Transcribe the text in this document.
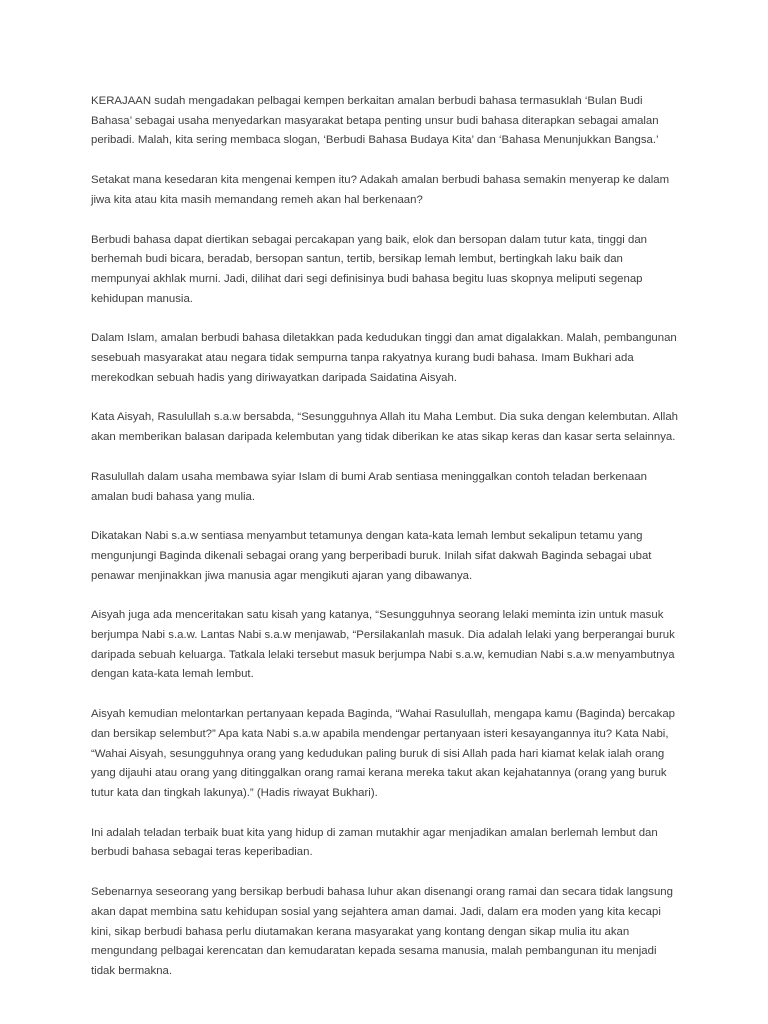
KERAJAAN sudah mengadakan pelbagai kempen berkaitan amalan berbudi bahasa termasuklah ‘Bulan Budi Bahasa’ sebagai usaha menyedarkan masyarakat betapa penting unsur budi bahasa diterapkan sebagai amalan peribadi. Malah, kita sering membaca slogan, ‘Berbudi Bahasa Budaya Kita’ dan ‘Bahasa Menunjukkan Bangsa.’

Setakat mana kesedaran kita mengenai kempen itu? Adakah amalan berbudi bahasa semakin menyerap ke dalam jiwa kita atau kita masih memandang remeh akan hal berkenaan?

Berbudi bahasa dapat diertikan sebagai percakapan yang baik, elok dan bersopan dalam tutur kata, tinggi dan berhemah budi bicara, beradab, bersopan santun, tertib, bersikap lemah lembut, bertingkah laku baik dan mempunyai akhlak murni. Jadi, dilihat dari segi definisinya budi bahasa begitu luas skopnya meliputi segenap kehidupan manusia.

Dalam Islam, amalan berbudi bahasa diletakkan pada kedudukan tinggi dan amat digalakkan. Malah, pembangunan sesebuah masyarakat atau negara tidak sempurna tanpa rakyatnya kurang budi bahasa. Imam Bukhari ada merekodkan sebuah hadis yang diriwayatkan daripada Saidatina Aisyah.

Kata Aisyah, Rasulullah s.a.w bersabda, “Sesungguhnya Allah itu Maha Lembut. Dia suka dengan kelembutan. Allah akan memberikan balasan daripada kelembutan yang tidak diberikan ke atas sikap keras dan kasar serta selainnya.

Rasulullah dalam usaha membawa syiar Islam di bumi Arab sentiasa meninggalkan contoh teladan berkenaan amalan budi bahasa yang mulia.

Dikatakan Nabi s.a.w sentiasa menyambut tetamunya dengan kata-kata lemah lembut sekalipun tetamu yang mengunjungi Baginda dikenali sebagai orang yang berperibadi buruk. Inilah sifat dakwah Baginda sebagai ubat penawar menjinakkan jiwa manusia agar mengikuti ajaran yang dibawanya.

Aisyah juga ada menceritakan satu kisah yang katanya, “Sesungguhnya seorang lelaki meminta izin untuk masuk berjumpa Nabi s.a.w. Lantas Nabi s.a.w menjawab, “Persilakanlah masuk. Dia adalah lelaki yang berperangai buruk daripada sebuah keluarga. Tatkala lelaki tersebut masuk berjumpa Nabi s.a.w, kemudian Nabi s.a.w menyambutnya dengan kata-kata lemah lembut.

Aisyah kemudian melontarkan pertanyaan kepada Baginda, “Wahai Rasulullah, mengapa kamu (Baginda) bercakap dan bersikap selembut?” Apa kata Nabi s.a.w apabila mendengar pertanyaan isteri kesayangannya itu? Kata Nabi, “Wahai Aisyah, sesungguhnya orang yang kedudukan paling buruk di sisi Allah pada hari kiamat kelak ialah orang yang dijauhi atau orang yang ditinggalkan orang ramai kerana mereka takut akan kejahatannya (orang yang buruk tutur kata dan tingkah lakunya).” (Hadis riwayat Bukhari).

Ini adalah teladan terbaik buat kita yang hidup di zaman mutakhir agar menjadikan amalan berlemah lembut dan berbudi bahasa sebagai teras keperibadian.

Sebenarnya seseorang yang bersikap berbudi bahasa luhur akan disenangi orang ramai dan secara tidak langsung akan dapat membina satu kehidupan sosial yang sejahtera aman damai. Jadi, dalam era moden yang kita kecapi kini, sikap berbudi bahasa perlu diutamakan kerana masyarakat yang kontang dengan sikap mulia itu akan mengundang pelbagai kerencatan dan kemudaratan kepada sesama manusia, malah pembangunan itu menjadi tidak bermakna.
